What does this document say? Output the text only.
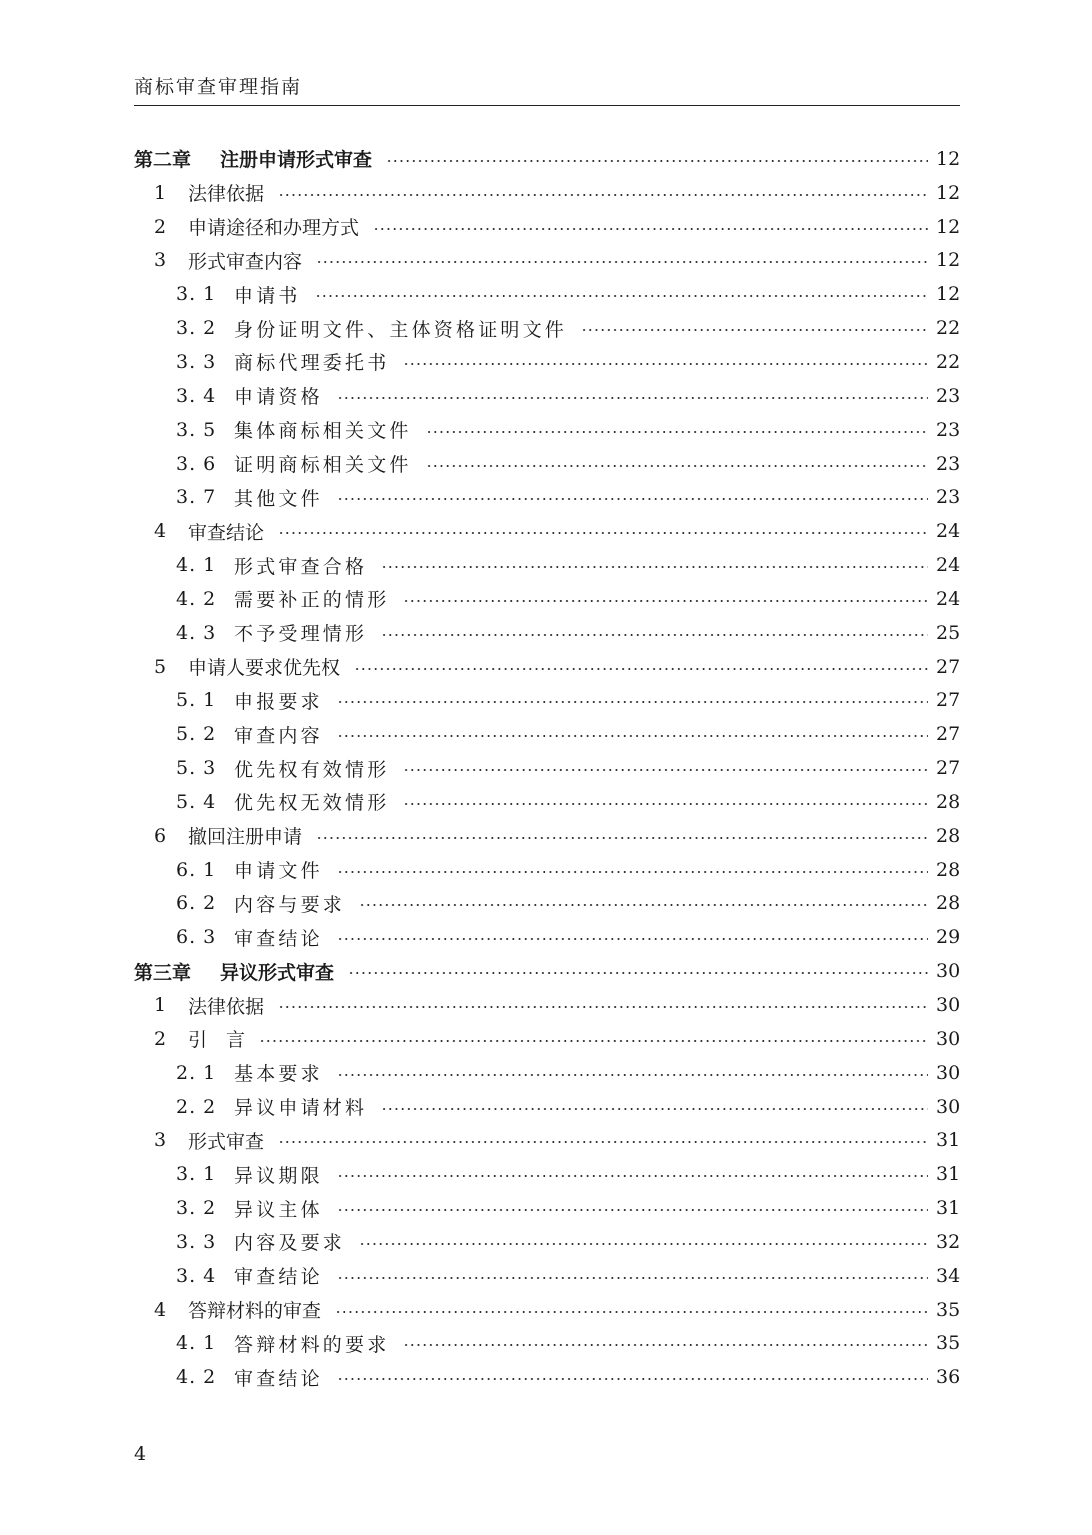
商标审查审理指南
第二章	注册申请形式审查	12
1	法律依据	12
2	申请途径和办理方式	12
3	形式审查内容	12
3. 1 申请书	12
3. 2 身份证明文件、主体资格证明文件	22
3. 3 商标代理委托书	22
3. 4 申请资格	23
3. 5 集体商标相关文件	23
3. 6 证明商标相关文件	23
3. 7 其他文件	23
4	审查结论	24
4. 1 形式审查合格	24
4. 2 需要补正的情形	24
4. 3 不予受理情形	25
5	申请人要求优先权	27
5. 1 申报要求	27
5. 2 审查内容	27
5. 3 优先权有效情形	27
5. 4 优先权无效情形	28
6	撤回注册申请	28
6. 1 申请文件	28
6. 2 内容与要求	28
6. 3 审查结论	29
第三章	异议形式审查	30
1	法律依据	30
2	引　言	30
2. 1 基本要求	30
2. 2 异议申请材料	30
3	形式审查	31
3. 1 异议期限	31
3. 2 异议主体	31
3. 3 内容及要求	32
3. 4 审查结论	34
4	答辩材料的审查	35
4. 1 答辩材料的要求	35
4. 2 审查结论	36
4
